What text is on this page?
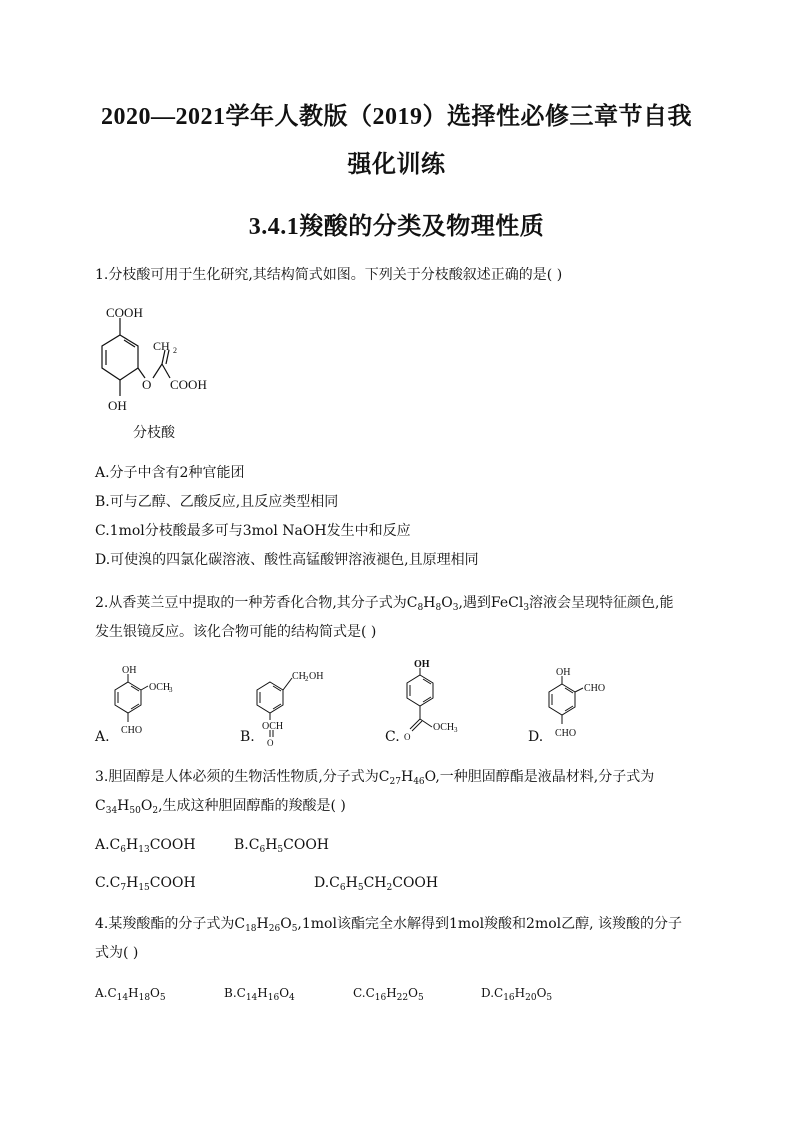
2020—2021学年人教版（2019）选择性必修三章节自我
强化训练
3.4.1羧酸的分类及物理性质
1.分枝酸可用于生化研究,其结构简式如图。下列关于分枝酸叙述正确的是( )
COOH
CH 2
O COOH
OH
分枝酸
A.分子中含有2种官能团
B.可与乙醇、乙酸反应,且反应类型相同
C.1mol分枝酸最多可与3mol NaOH发生中和反应
D.可使溴的四氯化碳溶液、酸性高锰酸钾溶液褪色,且原理相同
2.从香荚兰豆中提取的一种芳香化合物,其分子式为$C_8H_8O_3$,遇到FeCl$_3$溶液会呈现特征颜色,能
发生银镜反应。该化合物可能的结构简式是( )
OH
OCH
3
CHO
CH 2 OH
OCH
O
OH
OCH 3
O
OH
CHO
CHO
A.	B.	C.	D.
3.胆固醇是人体必须的生物活性物质,分子式为$C_{27}H_{46}O$,一种胆固醇酯是液晶材料,分子式为
$C_{34}H_{50}O_2$,生成这种胆固醇酯的羧酸是( )
$A.C_6H_{13}COOH$	$B.C_6H_5COOH$
$C.C_7H_{15}COOH$	$D.C_6H_5CH_2COOH$
4.某羧酸酯的分子式为$C_{18}H_{26}O_5,1mol$该酯完全水解得到1mol羧酸和2mol乙醇, 该羧酸的分子
式为( )
$A.C_{14}H_{18}O_5$	$B.C_{14}H_{16}O_4$	$C.C_{16}H_{22}O_5$	$D.C_{16}H_{20}O_5$
